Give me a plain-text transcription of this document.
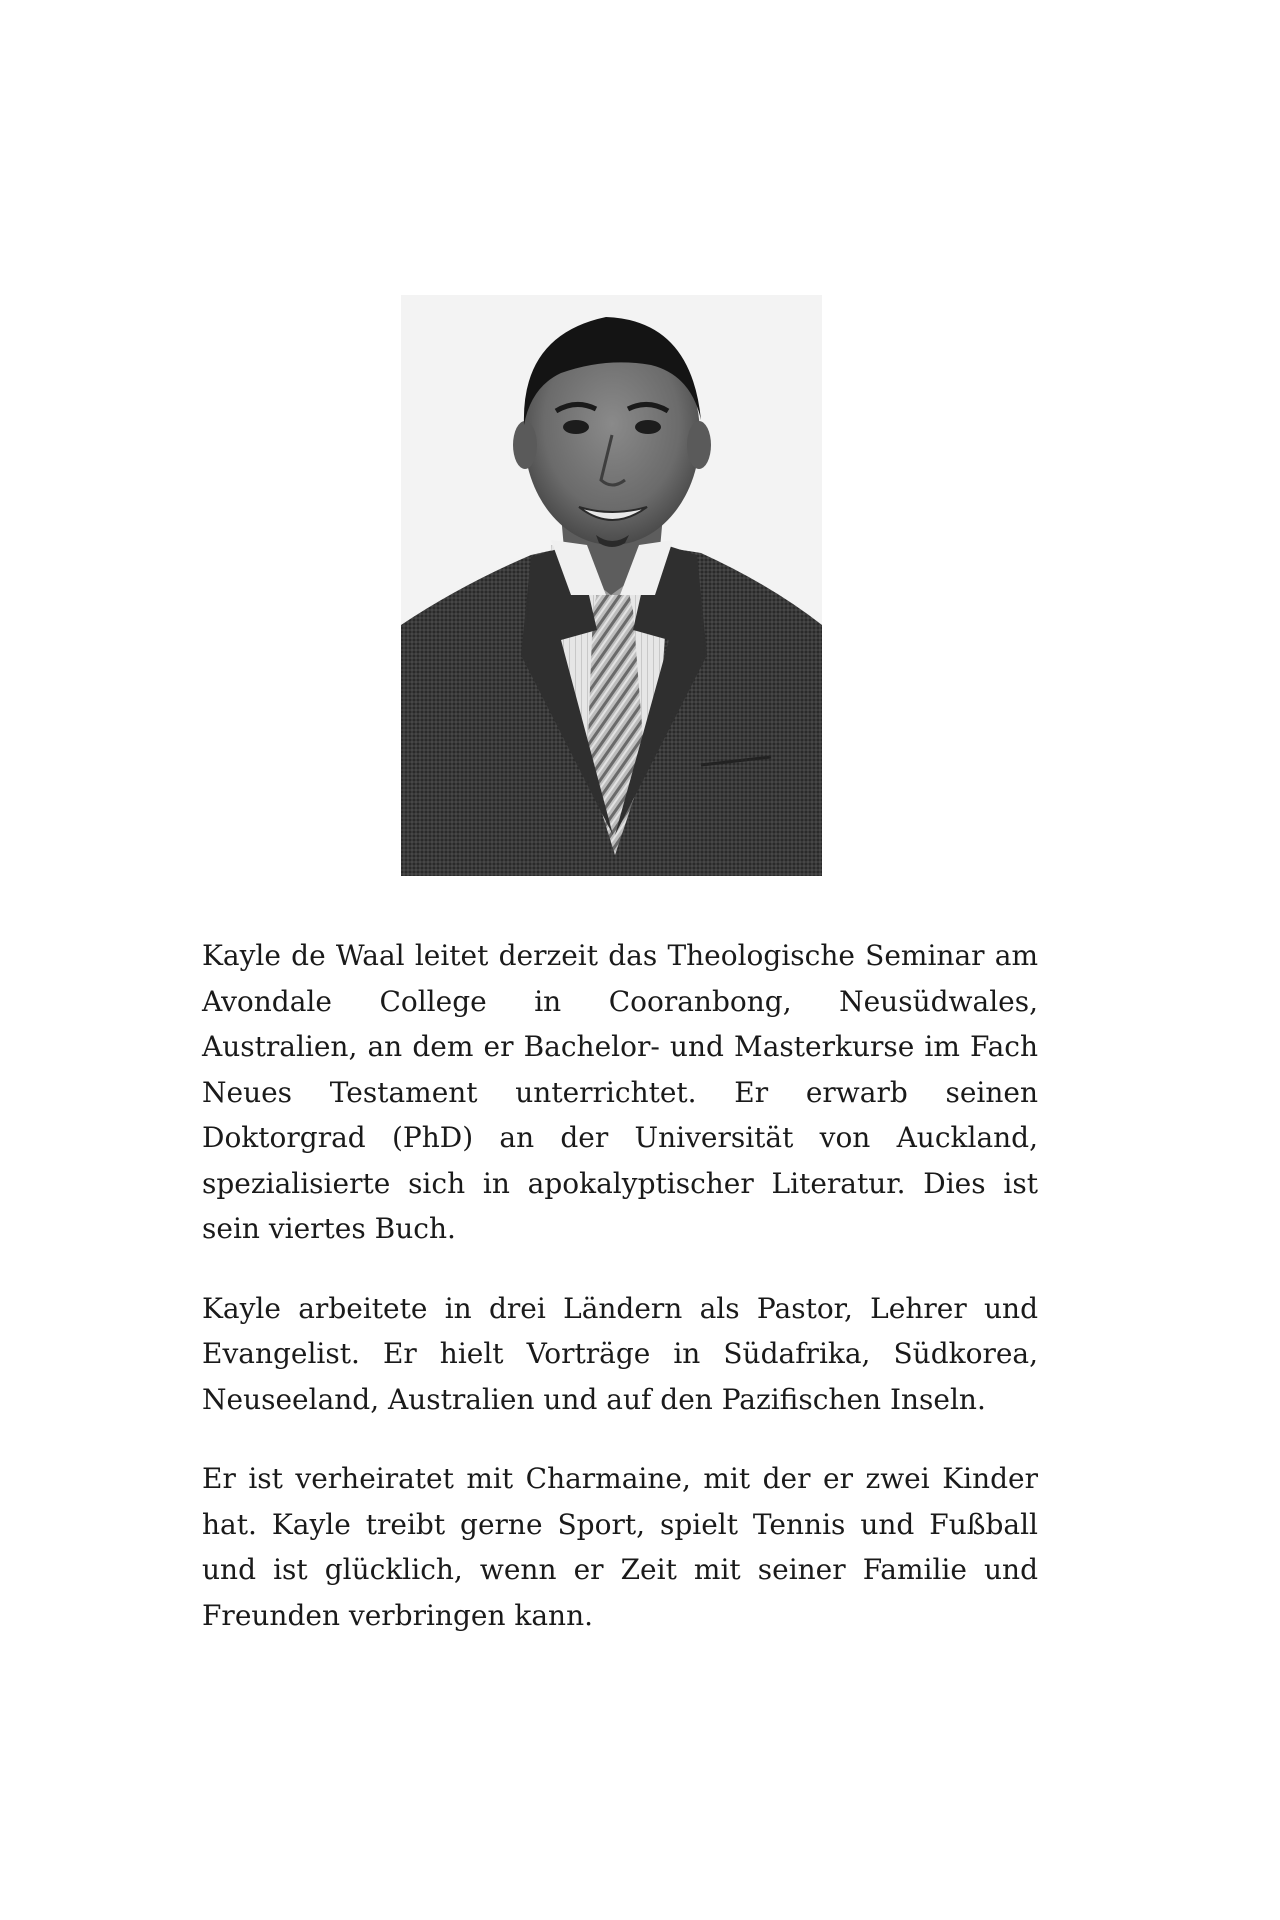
Kayle de Waal leitet derzeit das Theologische Seminar am Avondale College in Cooranbong, Neusüdwales, Australien, an dem er Bachelor- und Masterkurse im Fach Neues Testament unterrichtet. Er erwarb seinen Doktorgrad (PhD) an der Universität von Auckland, spezialisierte sich in apokalyptischer Literatur. Dies ist sein viertes Buch.

Kayle arbeitete in drei Ländern als Pastor, Lehrer und Evangelist. Er hielt Vorträge in Südafrika, Südkorea, Neuseeland, Australien und auf den Pazifischen Inseln.

Er ist verheiratet mit Charmaine, mit der er zwei Kinder hat. Kayle treibt gerne Sport, spielt Tennis und Fußball und ist glücklich, wenn er Zeit mit seiner Familie und Freunden verbringen kann.
